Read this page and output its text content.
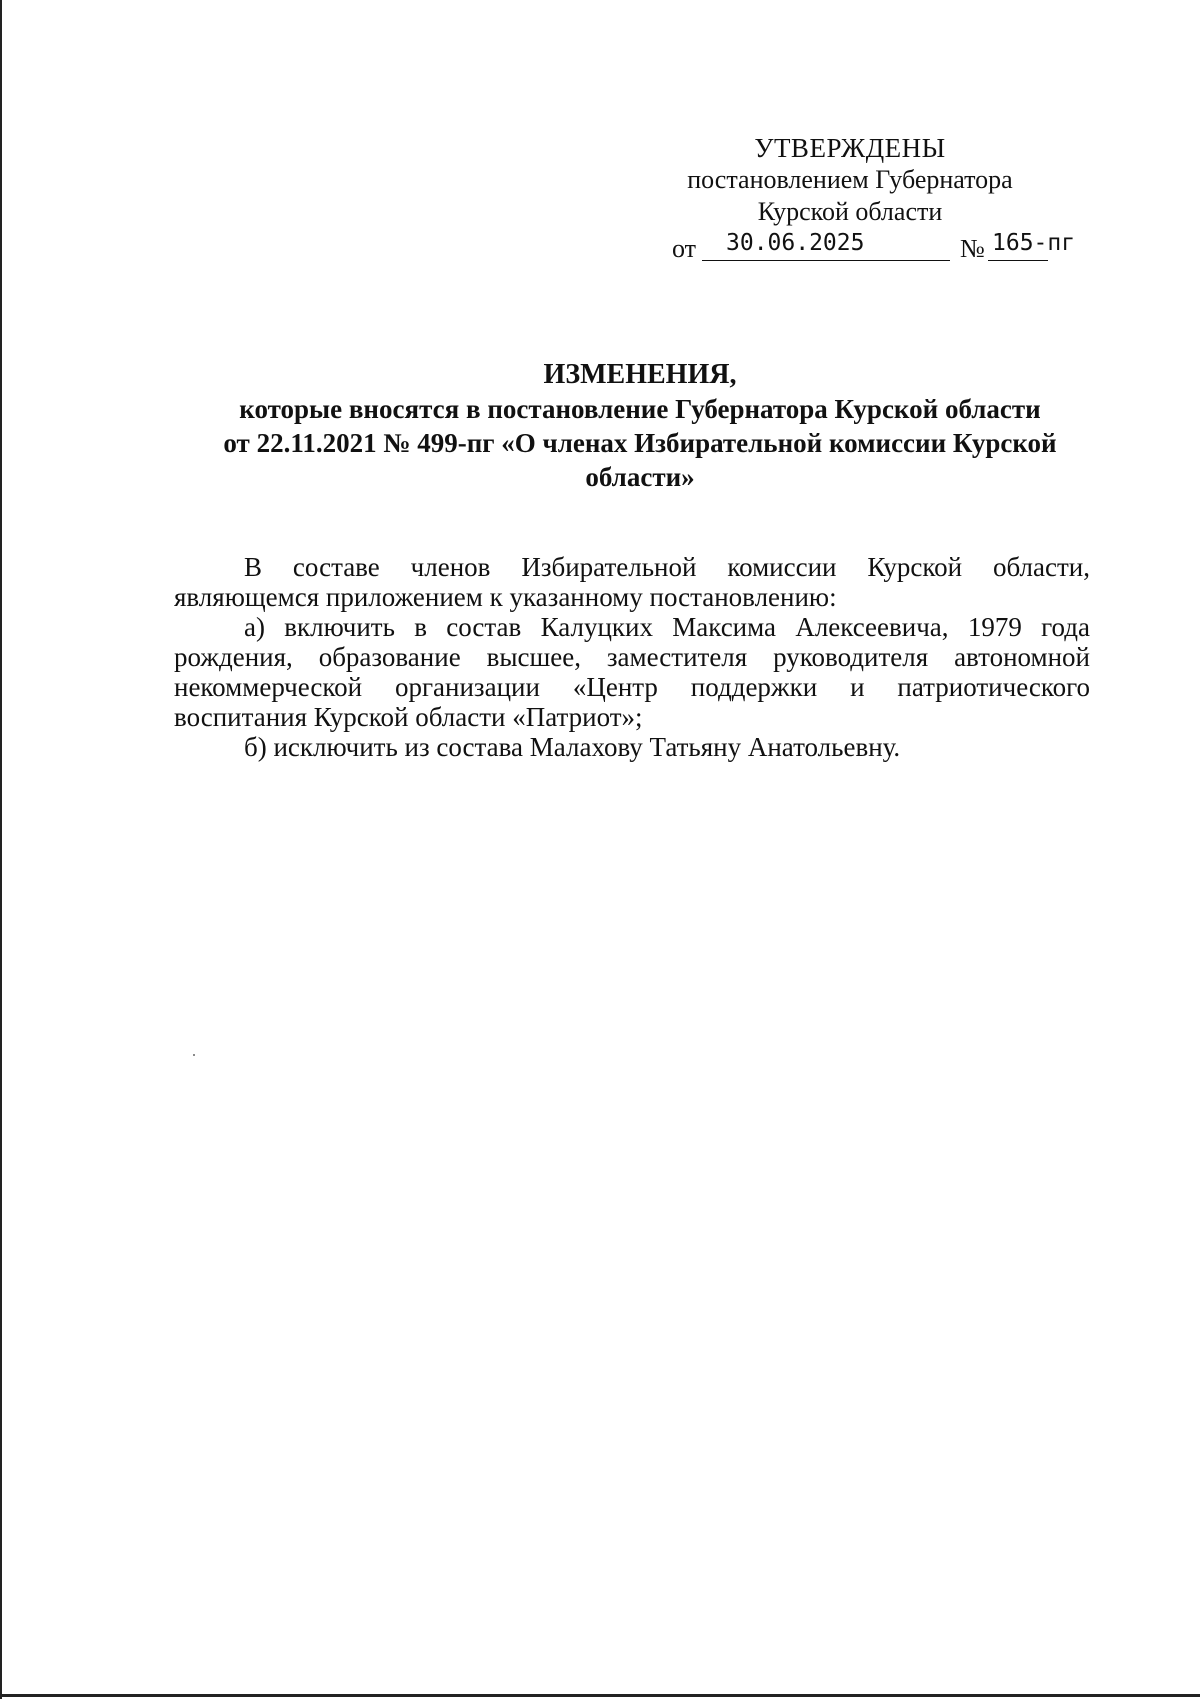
УТВЕРЖДЕНЫ
постановлением Губернатора
Курской области
от	30.06.2025	№ 165-пг
ИЗМЕНЕНИЯ,
которые вносятся в постановление Губернатора Курской области
от 22.11.2021 № 499-пг «О членах Избирательной комиссии Курской
области»

В составе членов Избирательной комиссии Курской области, являющемся приложением к указанному постановлению:

а) включить в состав Калуцких Максима Алексеевича, 1979 года рождения, образование высшее, заместителя руководителя автономной некоммерческой организации «Центр поддержки и патриотического воспитания Курской области «Патриот»;

б) исключить из состава Малахову Татьяну Анатольевну.
